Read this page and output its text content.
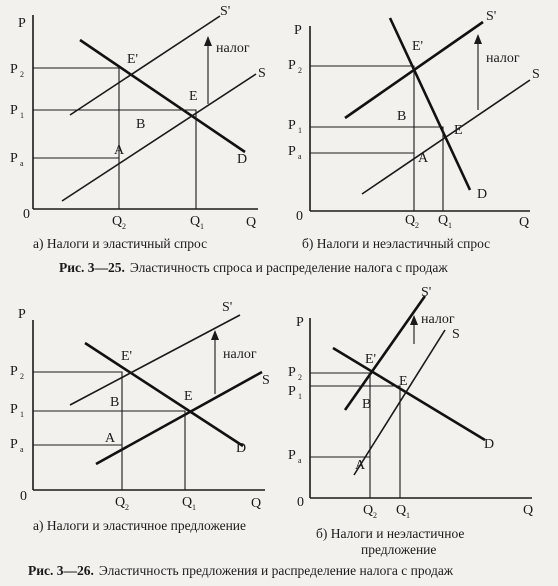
P
Q
0
P 2
P 1
P a
Q 2	Q 1
S'
S
D
E'
E
B
A
налог
P
Q
0
P 2
P 1
P a
Q 2 Q 1
S'
S
D
E'
E
B
A
налог
а) Налоги и эластичный спрос	б) Налоги и неэластичный спрос
Рис. 3—25. Эластичность спроса и распределение налога с продаж
P
Q
0
P 2
P 1
P a
Q 2	Q 1
S'
S
D
E'
E
B
A
налог
P
Q
0
P 2
P 1
P a
Q 2 Q 1
S'
S
D
E'
E
B
A
налог
а) Налоги и эластичное предложение
б) Налоги и неэластичное
предложение
Рис. 3—26. Эластичность предложения и распределение налога с продаж
